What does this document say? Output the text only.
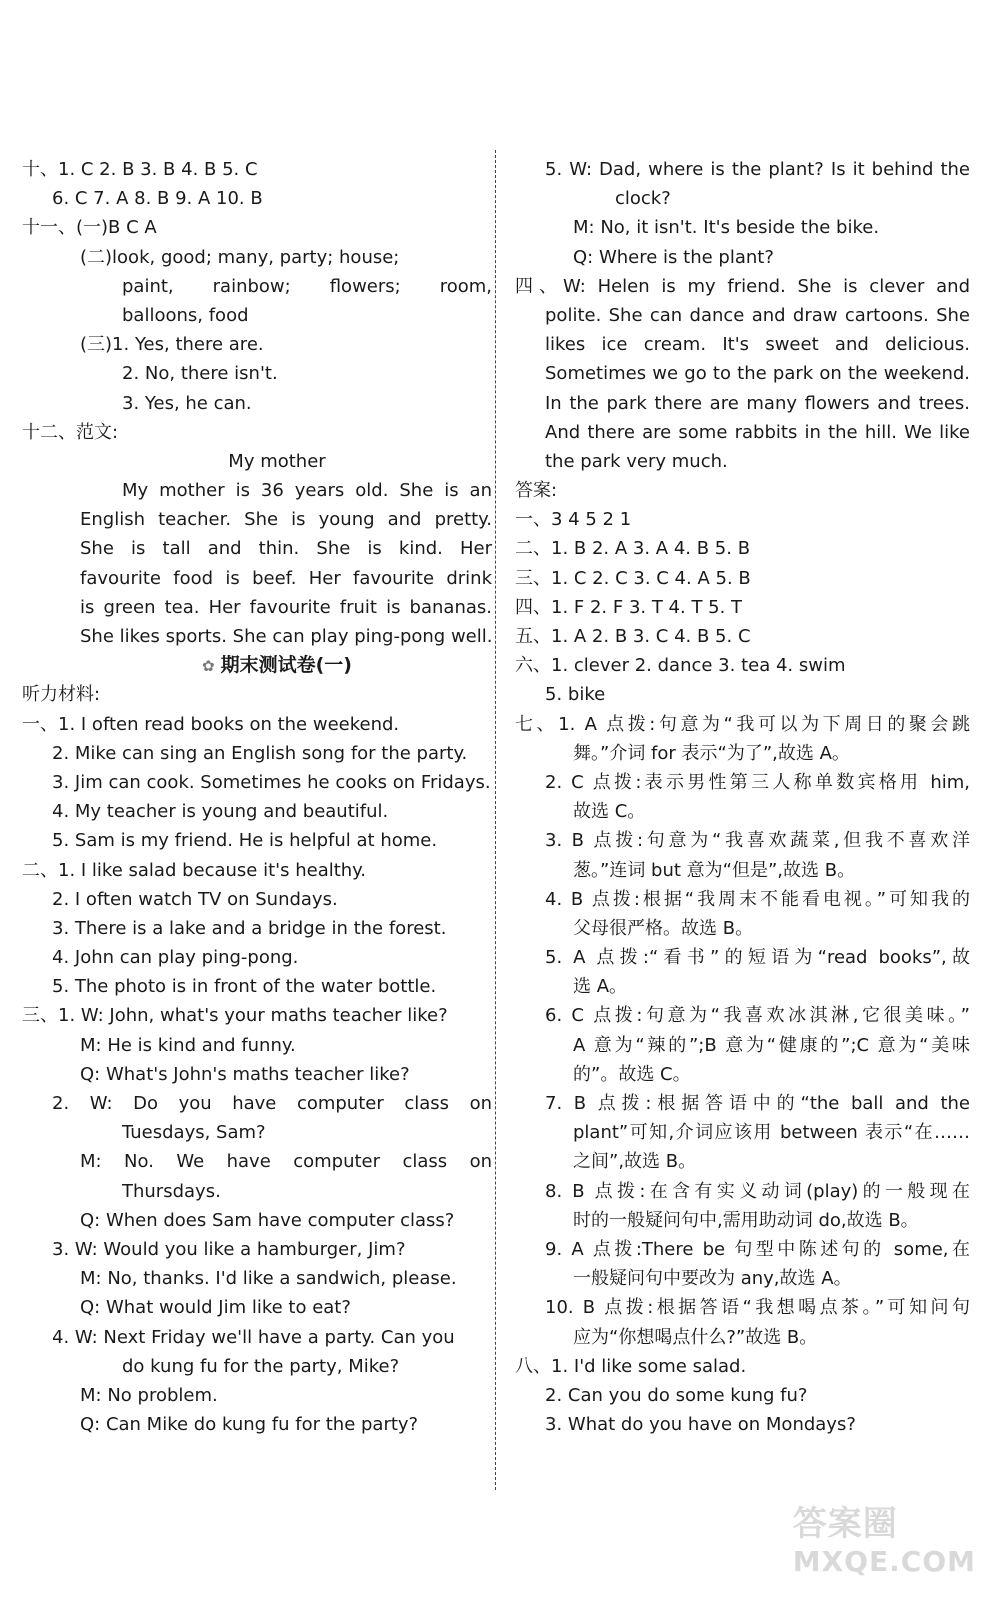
十、1. C 2. B 3. B 4. B 5. C
6. C 7. A 8. B 9. A 10. B
十一、(一)B C A
(二)look, good; many, party; house;
paint, rainbow; flowers; room,
balloons, food
(三)1. Yes, there are.
2. No, there isn't.
3. Yes, he can.
十二、范文:
My mother
My mother is 36 years old. She is an
English teacher. She is young and pretty.
She is tall and thin. She is kind. Her
favourite food is beef. Her favourite drink
is green tea. Her favourite fruit is bananas.
She likes sports. She can play ping-pong well.
✿ 期末测试卷(一)
听力材料:
一、1. I often read books on the weekend.
2. Mike can sing an English song for the party.
3. Jim can cook. Sometimes he cooks on Fridays.
4. My teacher is young and beautiful.
5. Sam is my friend. He is helpful at home.
二、1. I like salad because it's healthy.
2. I often watch TV on Sundays.
3. There is a lake and a bridge in the forest.
4. John can play ping-pong.
5. The photo is in front of the water bottle.
三、1. W: John, what's your maths teacher like?
M: He is kind and funny.
Q: What's John's maths teacher like?
2. W: Do you have computer class on
Tuesdays, Sam?
M: No. We have computer class on
Thursdays.
Q: When does Sam have computer class?
3. W: Would you like a hamburger, Jim?
M: No, thanks. I'd like a sandwich, please.
Q: What would Jim like to eat?
4. W: Next Friday we'll have a party. Can you
do kung fu for the party, Mike?
M: No problem.
Q: Can Mike do kung fu for the party?
5. W: Dad, where is the plant? Is it behind the
clock?
M: No, it isn't. It's beside the bike.
Q: Where is the plant?
四、W: Helen is my friend. She is clever and
polite. She can dance and draw cartoons. She
likes ice cream. It's sweet and delicious.
Sometimes we go to the park on the weekend.
In the park there are many flowers and trees.
And there are some rabbits in the hill. We like
the park very much.
答案:
一、3 4 5 2 1
二、1. B 2. A 3. A 4. B 5. B
三、1. C 2. C 3. C 4. A 5. B
四、1. F 2. F 3. T 4. T 5. T
五、1. A 2. B 3. C 4. B 5. C
六、1. clever 2. dance 3. tea 4. swim
5. bike
七、1. A 点拨:句意为“我可以为下周日的聚会跳
舞。”介词 for 表示“为了”,故选 A。
2. C 点拨:表示男性第三人称单数宾格用 him,
故选 C。
3. B 点拨:句意为“我喜欢蔬菜,但我不喜欢洋
葱。”连词 but 意为“但是”,故选 B。
4. B 点拨:根据“我周末不能看电视。”可知我的
父母很严格。故选 B。
5. A 点拨:“看书”的短语为“read books”,故
选 A。
6. C 点拨:句意为“我喜欢冰淇淋,它很美味。”
A 意为“辣的”;B 意为“健康的”;C 意为“美味
的”。故选 C。
7. B 点拨:根据答语中的“the ball and the
plant”可知,介词应该用 between 表示“在……
之间”,故选 B。
8. B 点拨:在含有实义动词(play)的一般现在
时的一般疑问句中,需用助动词 do,故选 B。
9. A 点拨:There be 句型中陈述句的 some,在
一般疑问句中要改为 any,故选 A。
10. B 点拨:根据答语“我想喝点茶。”可知问句
应为“你想喝点什么?”故选 B。
八、1. I'd like some salad.
2. Can you do some kung fu?
3. What do you have on Mondays?
答案圈
MXQE.COM
